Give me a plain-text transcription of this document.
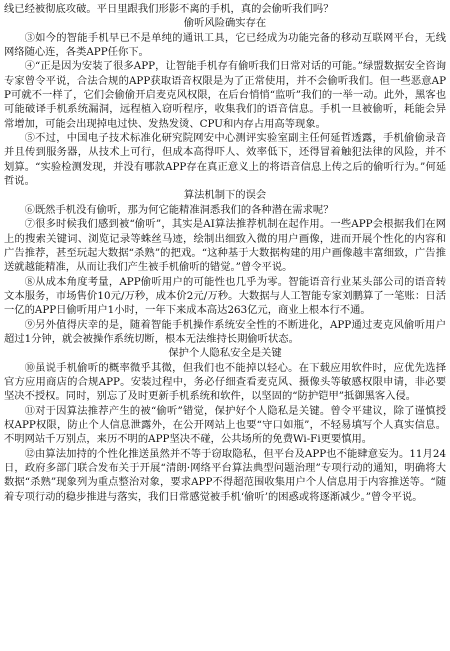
线已经被彻底攻破。平日里跟我们形影不离的手机，真的会偷听我们吗？

偷听风险确实存在

③如今的智能手机早已不是单纯的通讯工具，它已经成为功能完备的移动互联网平台，无线网络随心连，各类APP任你下。

④“正是因为安装了很多APP，让智能手机存有偷听我们日常对话的可能。”绿盟数据安全咨询专家曾令平说，合法合规的APP获取语音权限是为了正常使用，并不会偷听我们。但一些恶意APP可就不一样了，它们会偷偷开启麦克风权限，在后台悄悄“监听”我们的一举一动。此外，黑客也可能破译手机系统漏洞，远程植入窃听程序，收集我们的语音信息。手机一旦被偷听，耗能会异常增加，可能会出现掉电过快、发热发烫、CPU和内存占用高等现象。

⑤不过，中国电子技术标准化研究院网安中心测评实验室副主任何延哲透露，手机偷偷录音并且传到服务器，从技术上可行，但成本高得吓人、效率低下，还得冒着触犯法律的风险，并不划算。“实验检测发现，并没有哪款APP存在真正意义上的将语音信息上传之后的偷听行为。”何延哲说。

算法机制下的误会

⑥既然手机没有偷听，那为何它能精准洞悉我们的各种潜在需求呢？

⑦很多时候我们感到被“偷听”，其实是AI算法推荐机制在起作用。一些APP会根据我们在网上的搜索关键词、浏览记录等蛛丝马迹，绘制出细致入微的用户画像，进而开展个性化的内容和广告推荐，甚至玩起大数据“杀熟”的把戏。“这种基于大数据构建的用户画像越丰富细致，广告推送就越能精准，从而让我们产生被手机偷听的错觉。”曾令平说。

⑧从成本角度考量，APP偷听用户的可能性也几乎为零。智能语音行业某头部公司的语音转文本服务，市场售价10元/万秒，成本价2元/万秒。大数据与人工智能专家刘鹏算了一笔账：日活一亿的APP日偷听用户1小时，一年下来成本高达263亿元，商业上根本行不通。

⑨另外值得庆幸的是，随着智能手机操作系统安全性的不断进化，APP通过麦克风偷听用户超过1分钟，就会被操作系统切断，根本无法维持长期偷听状态。

保护个人隐私安全是关键

⑩虽说手机偷听的概率微乎其微，但我们也不能掉以轻心。在下载应用软件时，应优先选择官方应用商店的合规APP。安装过程中，务必仔细查看麦克风、摄像头等敏感权限申请，非必要坚决不授权。同时，别忘了及时更新手机系统和软件，以坚固的“防护铠甲”抵御黑客入侵。

⑪对于因算法推荐产生的被“偷听”错觉，保护好个人隐私是关键。曾令平建议，除了谨慎授权APP权限，防止个人信息泄露外，在公开网站上也要“守口如瓶”，不轻易填写个人真实信息。不明网站千万别点，来历不明的APP坚决不碰，公共场所的免费Wi-Fi更要慎用。

⑫由算法加持的个性化推送虽然并不等于窃取隐私，但平台及APP也不能肆意妄为。11月24日，政府多部门联合发布关于开展“清朗·网络平台算法典型问题治理”专项行动的通知，明确将大数据“杀熟”现象列为重点整治对象，要求APP不得超范围收集用户个人信息用于内容推送等。“随着专项行动的稳步推进与落实，我们日常感觉被手机‘偷听’的困惑或将逐渐减少。”曾令平说。
